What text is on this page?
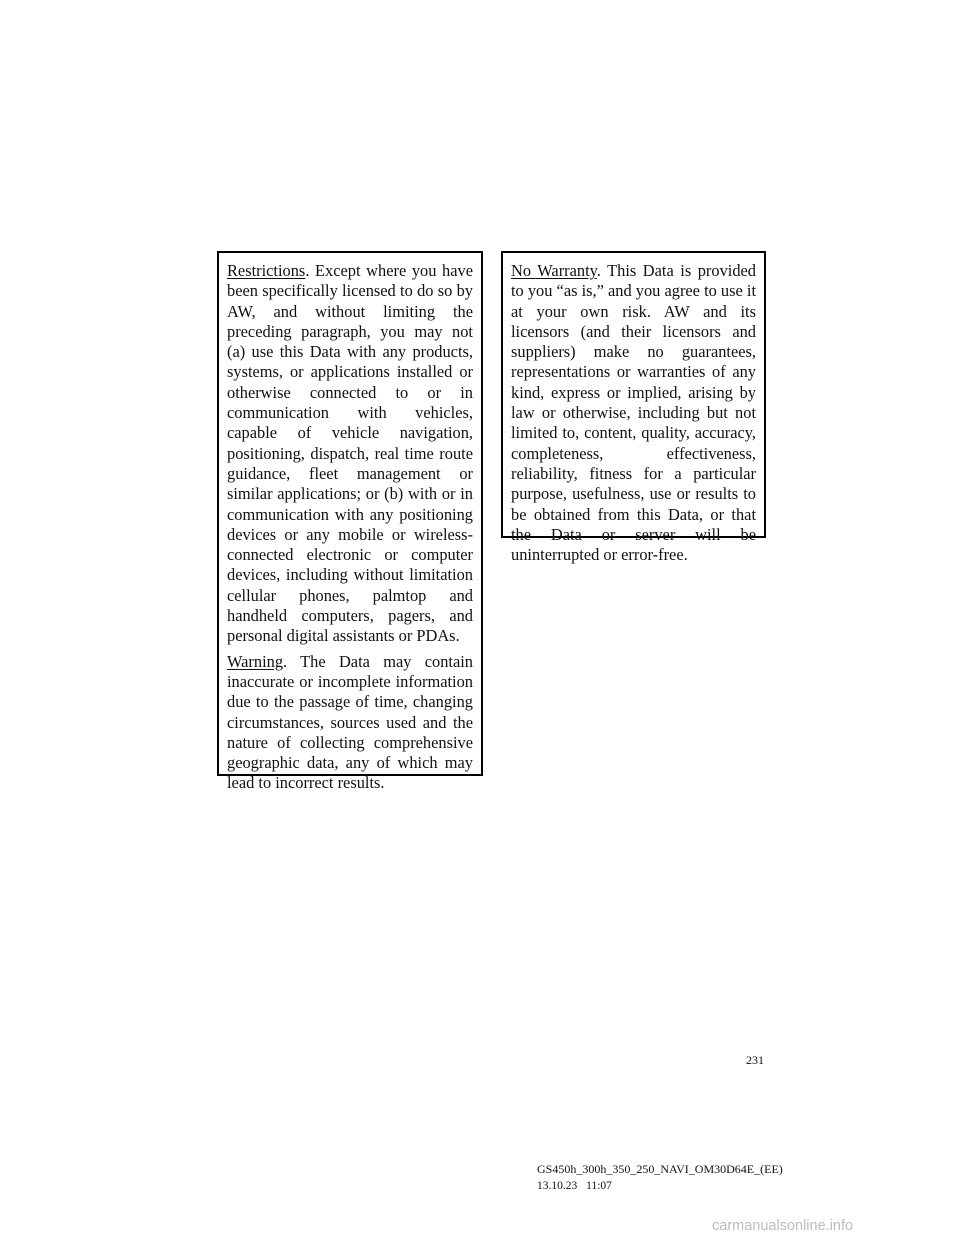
Restrictions. Except where you have been specifically licensed to do so by AW, and without limiting the preceding paragraph, you may not (a) use this Data with any products, systems, or applications installed or otherwise connected to or in communication with vehicles, capable of vehicle navigation, positioning, dispatch, real time route guidance, fleet management or similar applications; or (b) with or in communication with any positioning devices or any mobile or wireless-connected electronic or computer devices, including without limitation cellular phones, palmtop and handheld computers, pagers, and personal digital assistants or PDAs.

Warning. The Data may contain inaccurate or incomplete information due to the passage of time, changing circumstances, sources used and the nature of collecting comprehensive geographic data, any of which may lead to incorrect results.

No Warranty. This Data is provided to you “as is,” and you agree to use it at your own risk. AW and its licensors (and their licensors and suppliers) make no guarantees, representations or warranties of any kind, express or implied, arising by law or otherwise, including but not limited to, content, quality, accuracy, completeness, effectiveness, reliability, fitness for a particular purpose, usefulness, use or results to be obtained from this Data, or that the Data or server will be uninterrupted or error-free.

231
GS450h_300h_350_250_NAVI_OM30D64E_(EE)
13.10.23 11:07
carmanualsonline.info
